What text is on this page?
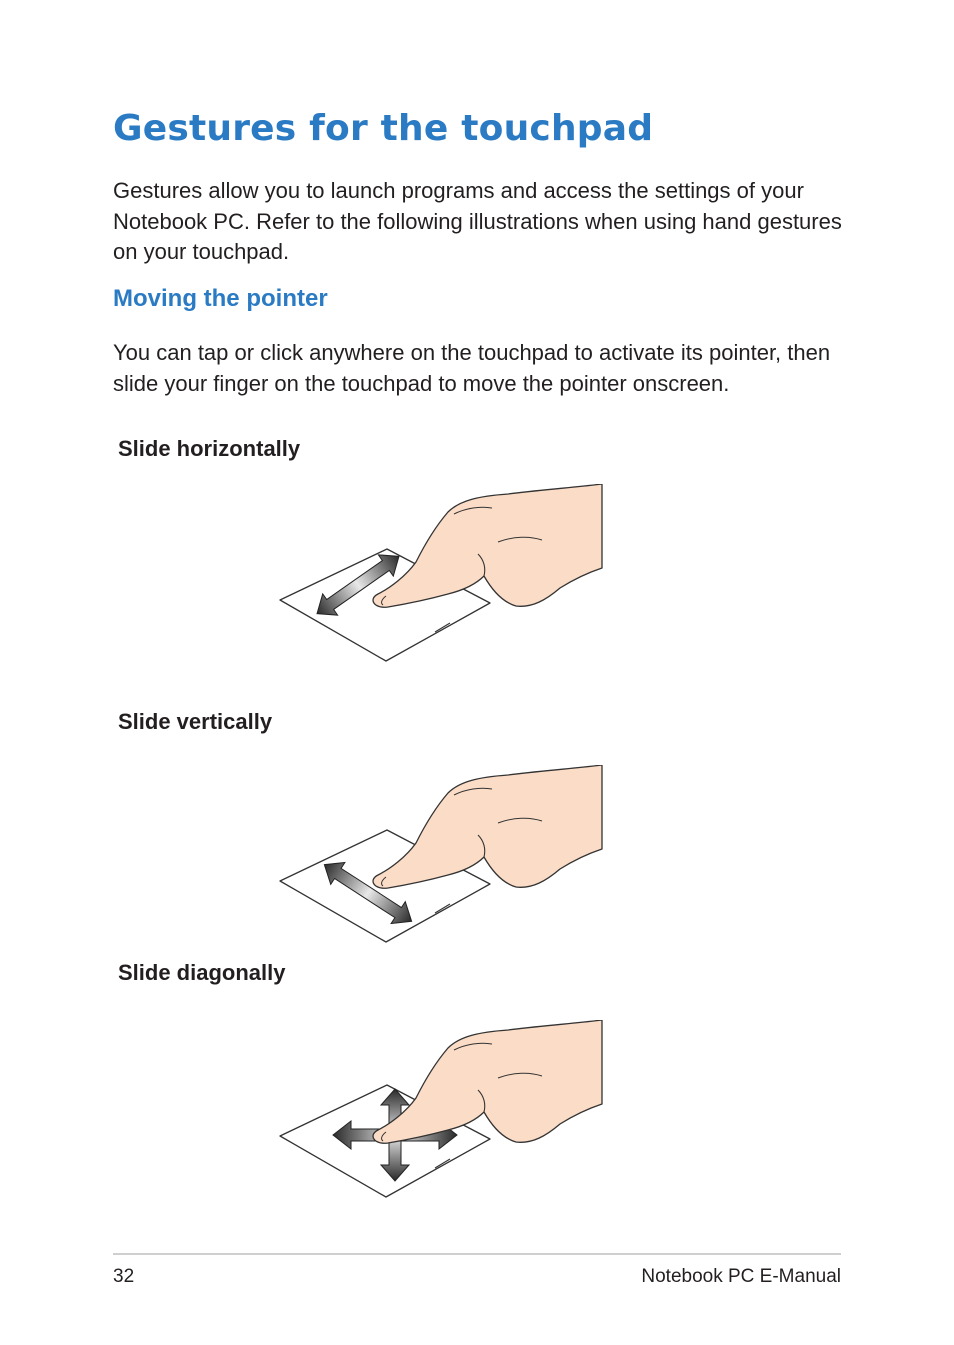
Gestures for the touchpad

Gestures allow you to launch programs and access the settings of your Notebook PC. Refer to the following illustrations when using hand gestures on your touchpad.

Moving the pointer

You can tap or click anywhere on the touchpad to activate its pointer, then slide your finger on the touchpad to move the pointer onscreen.

Slide horizontally
Slide vertically
Slide diagonally
32	Notebook PC E-Manual
